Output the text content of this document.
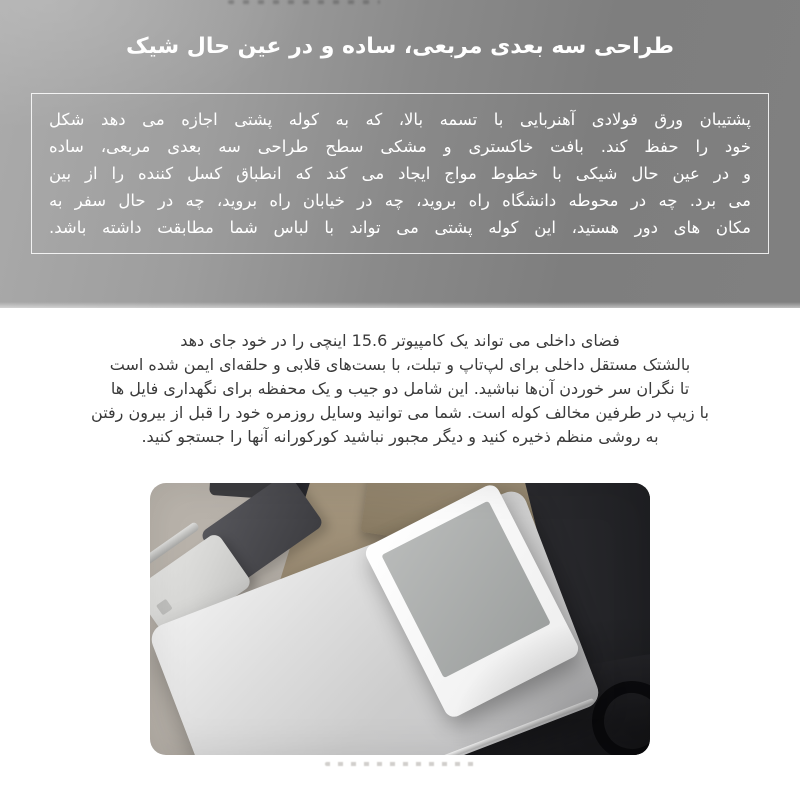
طراحی سه بعدی مربعی، ساده و در عین حال شیک
پشتیبان ورق فولادی آهنربایی با تسمه بالا، که به کوله پشتی اجازه می دهد شکل
خود را حفظ کند. بافت خاکستری و مشکی سطح طراحی سه بعدی مربعی، ساده
و در عین حال شیکی با خطوط مواج ایجاد می کند که انطباق کسل کننده را از بین
می برد. چه در محوطه دانشگاه راه بروید، چه در خیابان راه بروید، چه در حال سفر به
مکان های دور هستید، این کوله پشتی می تواند با لباس شما مطابقت داشته باشد.
فضای داخلی می تواند یک کامپیوتر 15.6 اینچی را در خود جای دهد
بالشتک مستقل داخلی برای لپ‌تاپ و تبلت، با بست‌های قلابی و حلقه‌ای ایمن شده است
تا نگران سر خوردن آن‌ها نباشید. این شامل دو جیب و یک محفظه برای نگهداری فایل ها
با زیپ در طرفین مخالف کوله است. شما می توانید وسایل روزمره خود را قبل از بیرون رفتن
به روشی منظم ذخیره کنید و دیگر مجبور نباشید کورکورانه آنها را جستجو کنید.
